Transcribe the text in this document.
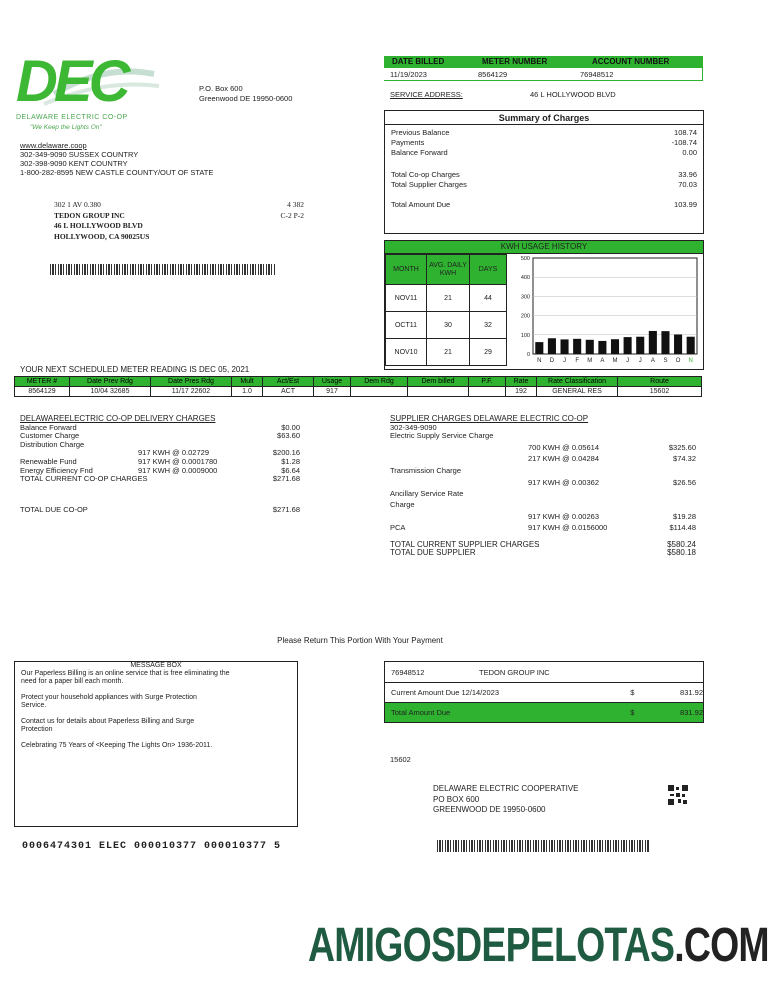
DEC
DELAWARE ELECTRIC CO-OP
"We Keep the Lights On"
P.O. Box 600
Greenwood DE 19950-0600
www.delaware.coop
302-349-9090 SUSSEX COUNTRY
302-398-9090 KENT COUNTRY
1-800-282-8595 NEW CASTLE COUNTY/OUT OF STATE
302 1 AV 0.380	4 382
TEDON GROUP INC	C-2 P-2
46 L HOLLYWOOD BLVD
HOLLYWOOD, CA 90025US
DATE BILLED	METER NUMBER	ACCOUNT NUMBER
11/19/2023	8564129	76948512
SERVICE ADDRESS:	46 L HOLLYWOOD BLVD
Summary of Charges
Previous Balance	108.74
Payments	-108.74
Balance Forward	0.00
Total Co-op Charges	33.96
Total Supplier Charges	70.03
Total Amount Due	103.99
KWH USAGE HISTORY
MONTH	AVG. DAILY KWH	DAYS
NOV11	21	44
OCT11	30	32
NOV10	21	29
500
400
300
200
100
0
N D J F M A M J J A S O N
YOUR NEXT SCHEDULED METER READING IS DEC 05, 2021
METER #	Date Prev Rdg	Date Pres Rdg	Mult	Act/Est	Usage	Dem Rdg	Dem billed	P.F.	Rate	Rate Classification	Route
8564129	10/04 32685	11/17 22602	1.0	ACT	917				192	GENERAL RES	15602
DELAWAREELECTRIC CO-OP DELIVERY CHARGES
Balance Forward	$0.00
Customer Charge	$63.60
Distribution Charge
917 KWH @ 0.02729	$200.16
Renewable Fund	917 KWH @ 0.0001780	$1.28
Energy Efficiency Fnd	917 KWH @ 0.0009000	$6.64
TOTAL CURRENT CO-OP CHARGES	$271.68
TOTAL DUE CO-OP	$271.68
SUPPLIER CHARGES DELAWARE ELECTRIC CO-OP
302-349-9090
Electric Supply Service Charge
700 KWH @ 0.05614	$325.60
217 KWH @ 0.04284	$74.32
Transmission Charge
917 KWH @ 0.00362	$26.56
Ancillary Service Rate
Charge
917 KWH @ 0.00263	$19.28
PCA	917 KWH @ 0.0156000	$114.48
TOTAL CURRENT SUPPLIER CHARGES	$580.24
TOTAL DUE SUPPLIER	$580.18
Please Return This Portion With Your Payment
MESSAGE BOX
Our Paperless Billing is an online service that is free eliminating the need for a paper bill each month.
Protect your household appliances with Surge Protection Service.
Contact us for details about Paperless Billing and Surge Protection
Celebrating 75 Years of <Keeping The Lights On> 1936-2011.
76948512	TEDON GROUP INC
Current Amount Due 12/14/2023	$	831.92
Total Amount Due	$	831.92
15602
DELAWARE ELECTRIC COOPERATIVE
PO BOX 600
GREENWOOD DE 19950-0600
0006474301 ELEC 000010377 000010377 5
AMIGOSDEPELOTAS.COM
